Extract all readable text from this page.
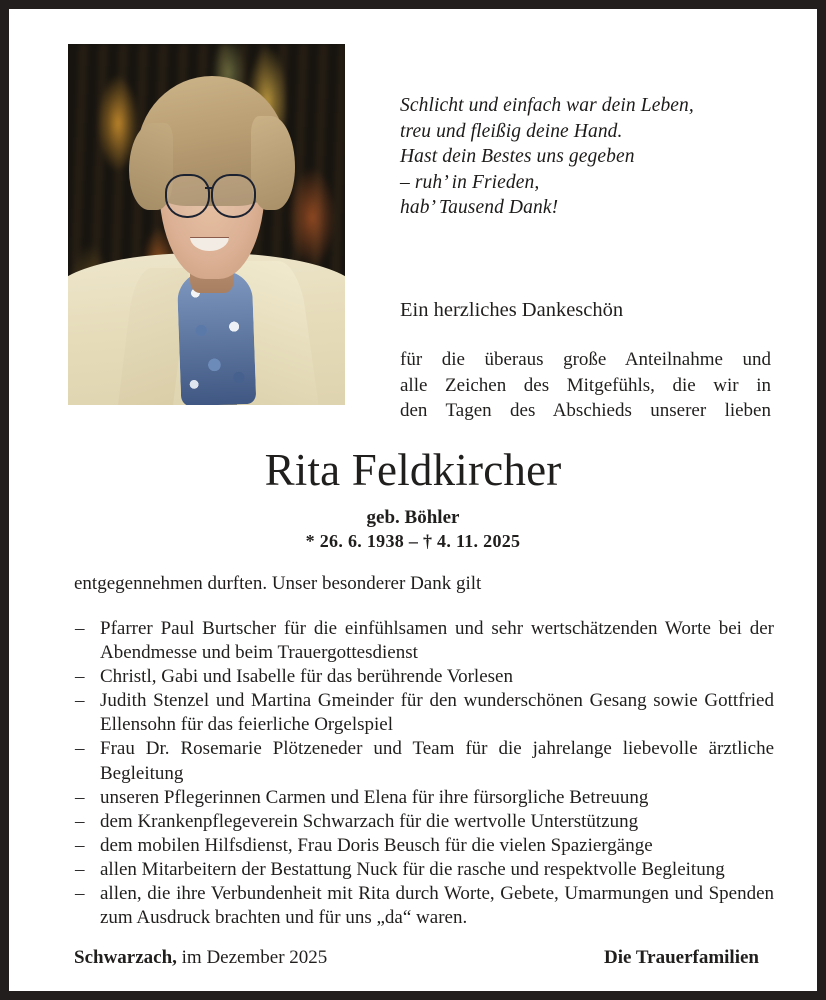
Schlicht und einfach war dein Leben,
treu und fleißig deine Hand.
Hast dein Bestes uns gegeben
– ruh’ in Frieden,
hab’ Tausend Dank!
Ein herzliches Dankeschön
für die überaus große Anteilnahme und
alle Zeichen des Mitgefühls, die wir in
den Tagen des Abschieds unserer lieben
Rita Feldkircher
geb. Böhler
* 26. 6. 1938 – † 4. 11. 2025
entgegennehmen durften. Unser besonderer Dank gilt
– Pfarrer Paul Burtscher für die einfühlsamen und sehr wertschätzenden Worte bei der Abendmesse und beim Trauergottesdienst
– Christl, Gabi und Isabelle für das berührende Vorlesen
– Judith Stenzel und Martina Gmeinder für den wunderschönen Gesang sowie Gottfried Ellensohn für das feierliche Orgelspiel
– Frau Dr. Rosemarie Plötzeneder und Team für die jahrelange liebevolle ärztliche Begleitung
– unseren Pflegerinnen Carmen und Elena für ihre fürsorgliche Betreuung
– dem Krankenpflegeverein Schwarzach für die wertvolle Unterstützung
– dem mobilen Hilfsdienst, Frau Doris Beusch für die vielen Spaziergänge
– allen Mitarbeitern der Bestattung Nuck für die rasche und respektvolle Begleitung
– allen, die ihre Verbundenheit mit Rita durch Worte, Gebete, Umarmungen und Spenden zum Ausdruck brachten und für uns „da“ waren.
Schwarzach, im Dezember 2025	Die Trauerfamilien
